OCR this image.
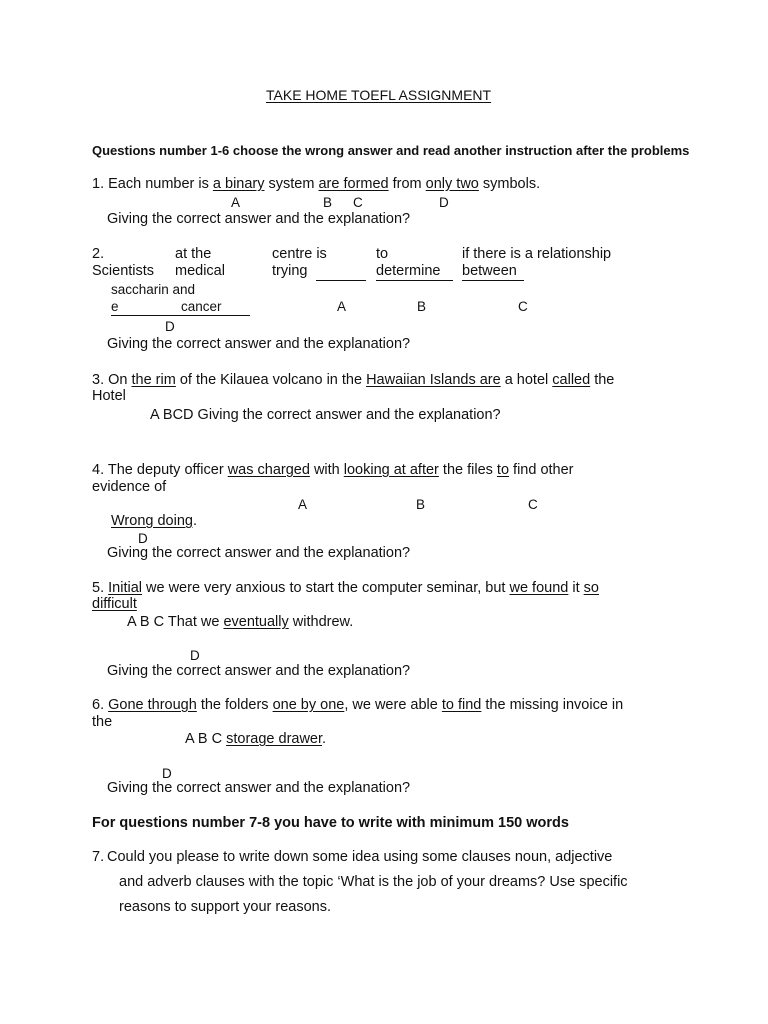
TAKE HOME TOEFL ASSIGNMENT
Questions number 1-6 choose the wrong answer and read another instruction after the problems
1. Each number is a binary system are formed from only two symbols.
A	B C	D
Giving the correct answer and the explanation?
2.
Scientists
at the
medical
centre is
trying
to
determine
if there is a relationship
between
saccharin and
e	cancer	A	B	C
D
Giving the correct answer and the explanation?
3. On the rim of the Kilauea volcano in the Hawaiian Islands are a hotel called the
Hotel
A BCD Giving the correct answer and the explanation?
4. The deputy officer was charged with looking at after the files to find other
evidence of
A	B	C
Wrong doing.
D
Giving the correct answer and the explanation?
5. Initial we were very anxious to start the computer seminar, but we found it so
difficult
A B C That we eventually withdrew.
D
Giving the correct answer and the explanation?
6. Gone through the folders one by one, we were able to find the missing invoice in
the
A B C storage drawer.
D
Giving the correct answer and the explanation?
For questions number 7-8 you have to write with minimum 150 words
7. Could you please to write down some idea using some clauses noun, adjective
and adverb clauses with the topic ‘What is the job of your dreams? Use specific
reasons to support your reasons.
